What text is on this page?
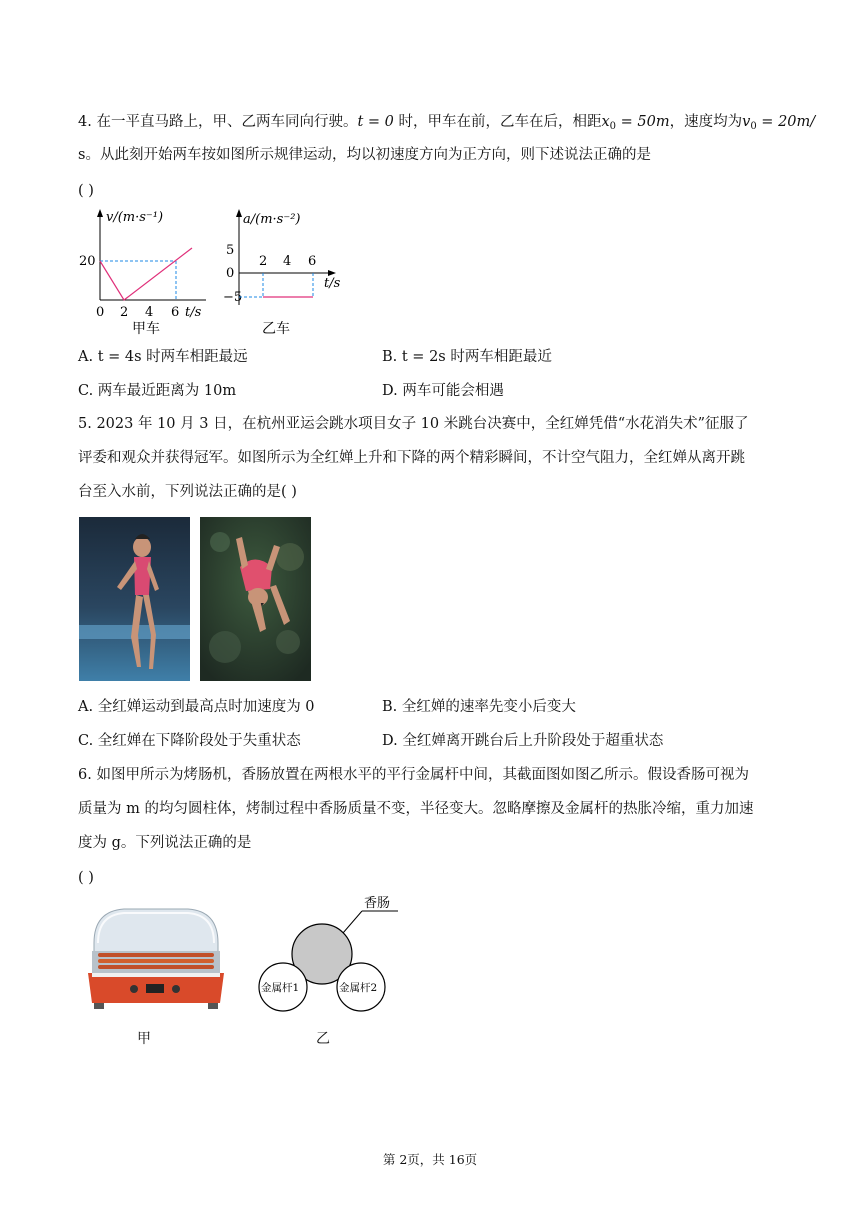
4. 在一平直马路上，甲、乙两车同向行驶。t = 0 时，甲车在前，乙车在后，相距$x_0 = 50m$，速度均为$v_0 = 20m/$
s。从此刻开始两车按如图所示规律运动，均以初速度方向为正方向，则下述说法正确的是
( )
v/(m·s⁻¹)
20
0 2 4 6 t/s
甲车
a/(m·s⁻²)
5
0
−5
2 4 6
t/s
乙车
A. t = 4s 时两车相距最远	B. t = 2s 时两车相距最近
C. 两车最近距离为 10m	D. 两车可能会相遇
5. 2023 年 10 月 3 日，在杭州亚运会跳水项目女子 10 米跳台决赛中，全红婵凭借“水花消失术”征服了
评委和观众并获得冠军。如图所示为全红婵上升和下降的两个精彩瞬间，不计空气阻力，全红婵从离开跳
台至入水前，下列说法正确的是( )
A. 全红婵运动到最高点时加速度为 0	B. 全红婵的速率先变小后变大
C. 全红婵在下降阶段处于失重状态	D. 全红婵离开跳台后上升阶段处于超重状态
6. 如图甲所示为烤肠机，香肠放置在两根水平的平行金属杆中间，其截面图如图乙所示。假设香肠可视为
质量为 m 的均匀圆柱体，烤制过程中香肠质量不变，半径变大。忽略摩擦及金属杆的热胀冷缩，重力加速
度为 g。下列说法正确的是
( )
甲
香肠
金属杆1	金属杆2
乙
第 2页，共 16页
